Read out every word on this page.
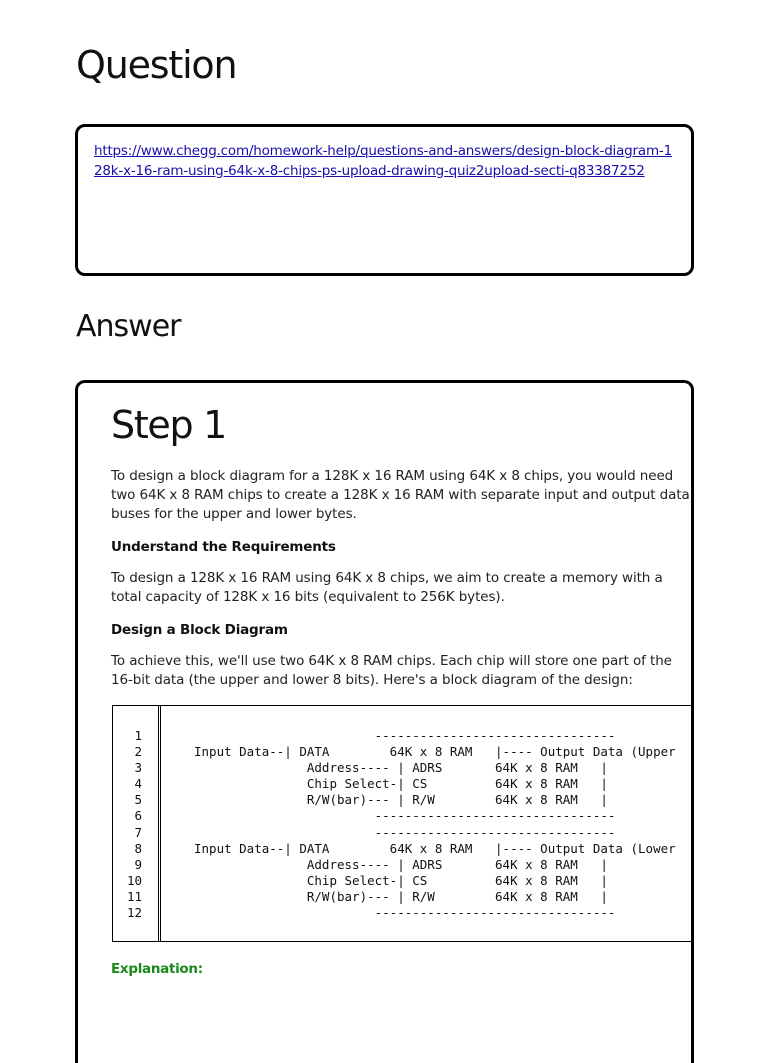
Question
https://www.chegg.com/homework-help/questions-and-answers/design-block-diagram-128k-x-16-ram-using-64k-x-8-chips-ps-upload-drawing-quiz2upload-secti-q83387252
Answer
Step 1

To design a block diagram for a 128K x 16 RAM using 64K x 8 chips, you would need two 64K x 8 RAM chips to create a 128K x 16 RAM with separate input and output data buses for the upper and lower bytes.

Understand the Requirements

To design a 128K x 16 RAM using 64K x 8 chips, we aim to create a memory with a total capacity of 128K x 16 bits (equivalent to 256K bytes).

Design a Block Diagram

To achieve this, we'll use two 64K x 8 RAM chips. Each chip will store one part of the 16-bit data (the upper and lower 8 bits). Here's a block diagram of the design:

1
2
3
4
5
6
7
8
9
10
11
12
--------------------------------
Input Data--| DATA        64K x 8 RAM   |---- Output Data (Upper
Address---- | ADRS       64K x 8 RAM   |
Chip Select-| CS         64K x 8 RAM   |
R/W(bar)--- | R/W        64K x 8 RAM   |
--------------------------------
--------------------------------
Input Data--| DATA        64K x 8 RAM   |---- Output Data (Lower
Address---- | ADRS       64K x 8 RAM   |
Chip Select-| CS         64K x 8 RAM   |
R/W(bar)--- | R/W        64K x 8 RAM   |
--------------------------------

Explanation:
